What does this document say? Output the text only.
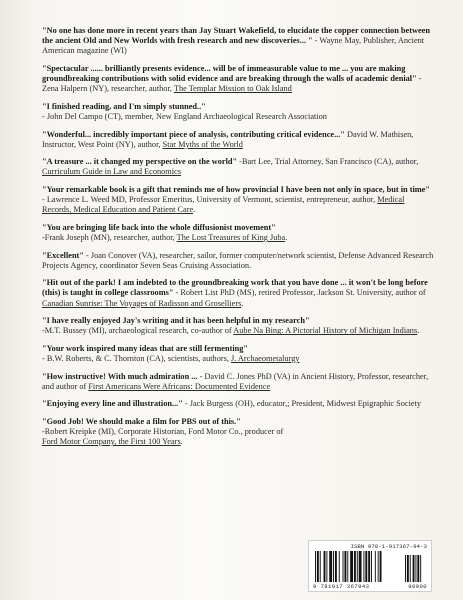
"No one has done more in recent years than Jay Stuart Wakefield, to elucidate the copper connection between the ancient Old and New Worlds with fresh research and new discoveries... " - Wayne May, Publisher, Ancient American magazine (WI)

"Spectacular ...... brilliantly presents evidence... will be of immeasurable value to me ... you are making groundbreaking contributions with solid evidence and are breaking through the walls of academic denial" -Zena Halpern (NY), researcher, author, The Templar Mission to Oak Island

"I finished reading, and I'm simply stunned.."
- John Del Campo (CT), member, New England Archaeological Research Association

"Wonderful... incredibly important piece of analysis, contributing critical evidence..." David W. Mathisen, Instructor, West Point (NY), author, Star Myths of the World

"A treasure ... it changed my perspective on the world" -Bart Lee, Trial Attorney, San Francisco (CA), author, Curriculum Guide in Law and Economics

"Your remarkable book is a gift that reminds me of how provincial I have been not only in space, but in time" - Lawrence L. Weed MD, Professor Emeritus, University of Vermont, scientist, entrepreneur, author, Medical Records, Medical Education and Patient Care.

"You are bringing life back into the whole diffusionist movement"
-Frank Joseph (MN), researcher, author, The Lost Treasures of King Juba.

"Excellent" - Joan Conover (VA), researcher, sailor, former computer/network scientist, Defense Advanced Research Projects Agency, coordinator Seven Seas Cruising Association.

"Hit out of the park! I am indebted to the groundbreaking work that you have done ... it won't be long before (this) is taught in college classrooms" - Robert List PhD (MS), retired Professor, Jackson St. University, author of Canadian Sunrise: The Voyages of Radisson and Groselliers.

"I have really enjoyed Jay's writing and it has been helpful in my research"
-M.T. Bussey (MI), archaeological research, co-author of Aube Na Bing: A Pictorial History of Michigan Indians.

"Your work inspired many ideas that are still fermenting"
- B.W. Roberts, & C. Thornton (CA), scientists, authors, J. Archaeometalurgy

"How instructive! With much admiration ... - David C. Jones PhD (VA) in Ancient History, Professor, researcher, and author of First Americans Were Africans: Documented Evidence

"Enjoying every line and illustration..." - Jack Burgess (OH), educator,; President, Midwest Epigraphic Society

"Good Job! We should make a film for PBS out of this."
-Robert Kreipke (MI), Corporate Historian, Ford Motor Co., producer of Ford Motor Company, the First 100 Years.

ISBN 978-1-917367-94-3
9 781917 367943	90000
